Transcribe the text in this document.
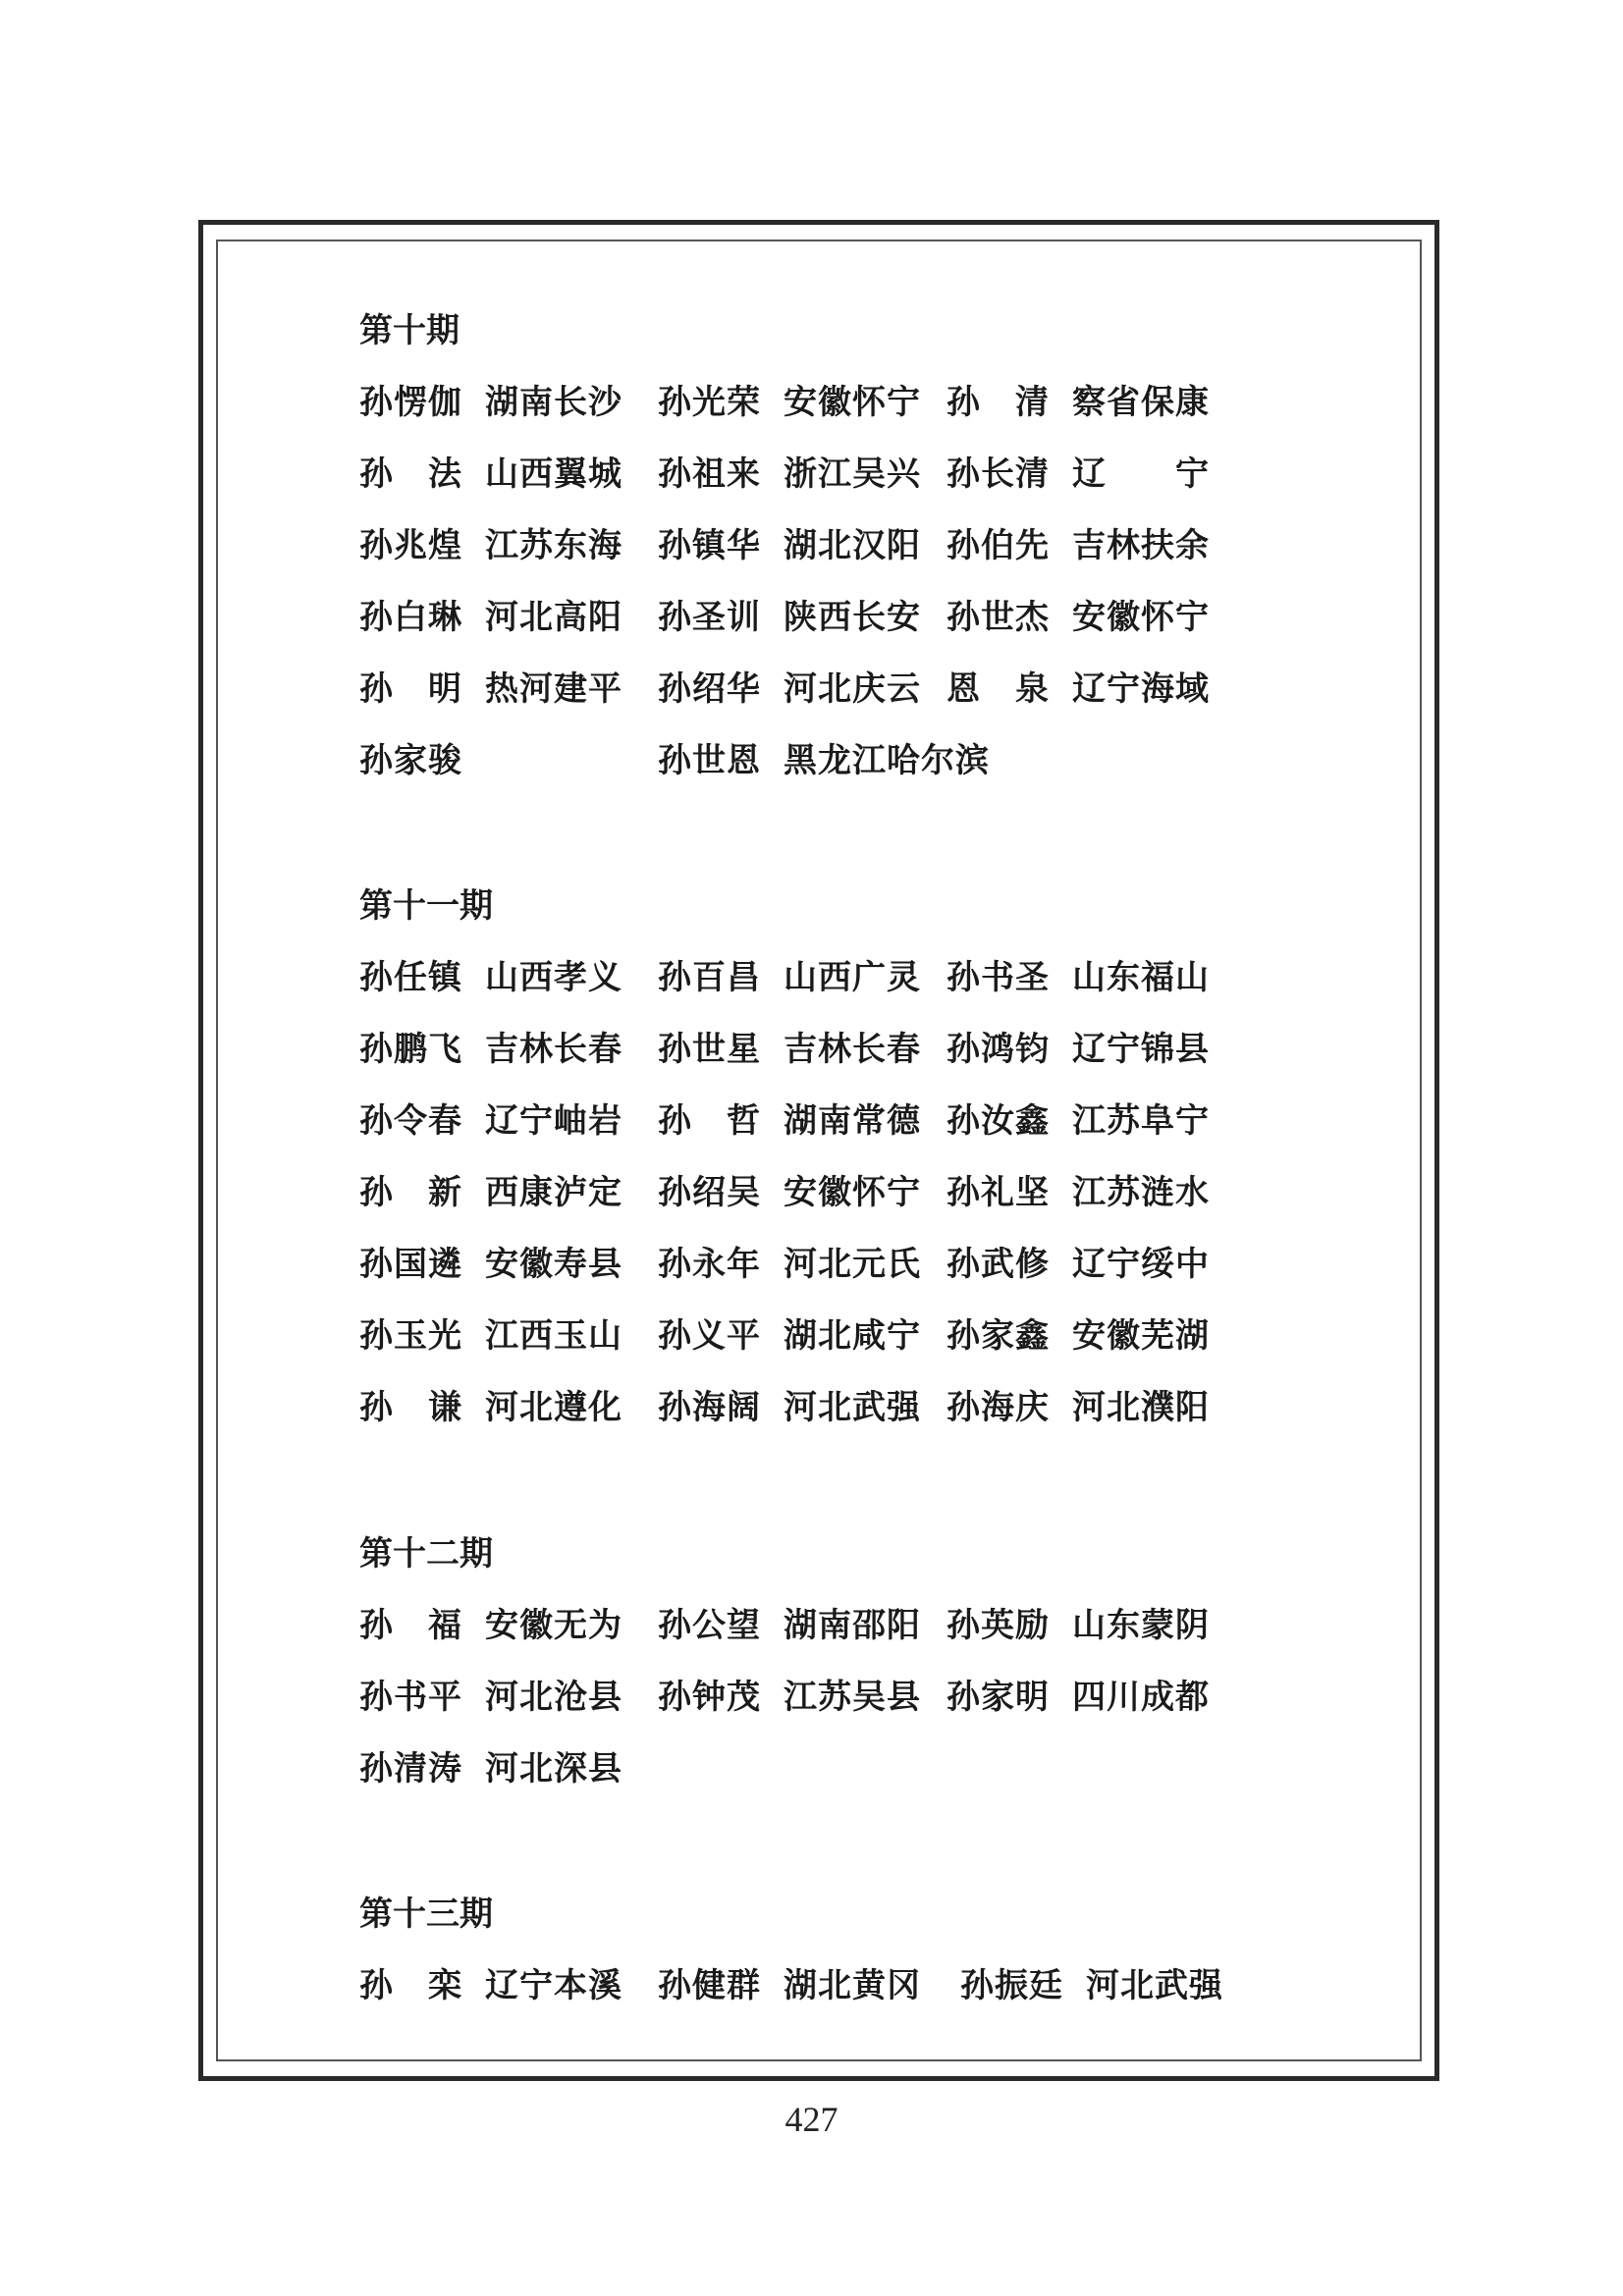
第十期
孙愣伽 湖南长沙 孙光荣 安徽怀宁 孙　清 察省保康
孙　法 山西翼城 孙祖来 浙江吴兴 孙长清 辽　　宁
孙兆煌 江苏东海 孙镇华 湖北汉阳 孙伯先 吉林扶余
孙白琳 河北高阳 孙圣训 陕西长安 孙世杰 安徽怀宁
孙　明 热河建平 孙绍华 河北庆云 恩　泉 辽宁海域
孙家骏	孙世恩 黑龙江哈尔滨
第十一期
孙任镇 山西孝义 孙百昌 山西广灵 孙书圣 山东福山
孙鹏飞 吉林长春 孙世星 吉林长春 孙鸿钧 辽宁锦县
孙令春 辽宁岫岩 孙　哲 湖南常德 孙汝鑫 江苏阜宁
孙　新 西康泸定 孙绍吴 安徽怀宁 孙礼坚 江苏涟水
孙国遴 安徽寿县 孙永年 河北元氏 孙武修 辽宁绥中
孙玉光 江西玉山 孙义平 湖北咸宁 孙家鑫 安徽芜湖
孙　谦 河北遵化 孙海阔 河北武强 孙海庆 河北濮阳
第十二期
孙　福 安徽无为 孙公望 湖南邵阳 孙英励 山东蒙阴
孙书平 河北沧县 孙钟茂 江苏吴县 孙家明 四川成都
孙清涛 河北深县
第十三期
孙　栾 辽宁本溪 孙健群 湖北黄冈 孙振廷 河北武强
427
